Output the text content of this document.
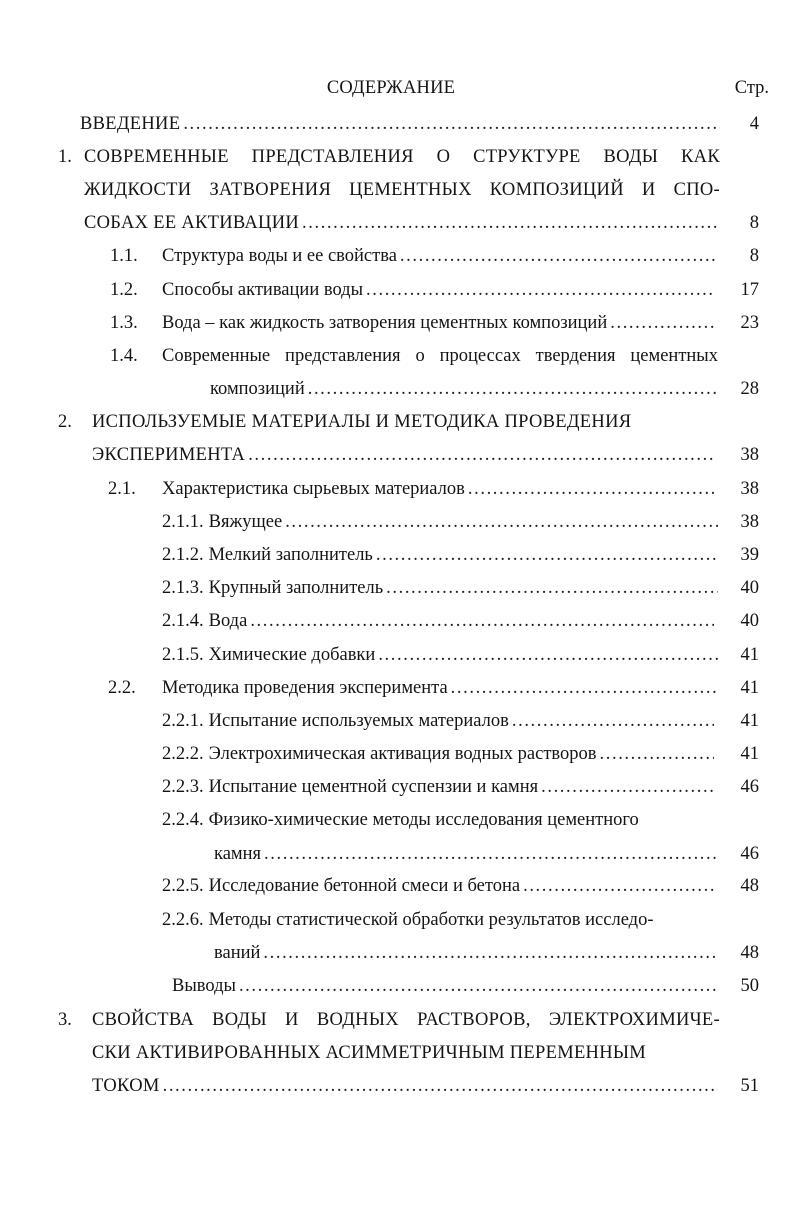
СОДЕРЖАНИЕ	Стр.
ВВЕДЕНИЕ .....	4
1. СОВРЕМЕННЫЕ ПРЕДСТАВЛЕНИЯ О СТРУКТУРЕ ВОДЫ КАК
ЖИДКОСТИ ЗАТВОРЕНИЯ ЦЕМЕНТНЫХ КОМПОЗИЦИЙ И СПО-
СОБАХ ЕЕ АКТИВАЦИИ .....	8
1.1. Структура воды и ее свойства .....	8
1.2. Способы активации воды .....	17
1.3. Вода – как жидкость затворения цементных композиций .....	23
1.4. Современные представления о процессах твердения цементных
композиций .....	28
2. ИСПОЛЬЗУЕМЫЕ МАТЕРИАЛЫ И МЕТОДИКА ПРОВЕДЕНИЯ
ЭКСПЕРИМЕНТА .....	38
2.1. Характеристика сырьевых материалов .....	38
2.1.1. Вяжущее .....	38
2.1.2. Мелкий заполнитель .....	39
2.1.3. Крупный заполнитель .....	40
2.1.4. Вода .....	40
2.1.5. Химические добавки .....	41
2.2. Методика проведения эксперимента .....	41
2.2.1. Испытание используемых материалов .....	41
2.2.2. Электрохимическая активация водных растворов .....	41
2.2.3. Испытание цементной суспензии и камня .....	46
2.2.4. Физико-химические методы исследования цементного
камня .....	46
2.2.5. Исследование бетонной смеси и бетона .....	48
2.2.6. Методы статистической обработки результатов исследо-
ваний .....	48
Выводы .....	50
3. СВОЙСТВА ВОДЫ И ВОДНЫХ РАСТВОРОВ, ЭЛЕКТРОХИМИЧЕ-
СКИ АКТИВИРОВАННЫХ АСИММЕТРИЧНЫМ ПЕРЕМЕННЫМ
ТОКОМ .....	51
